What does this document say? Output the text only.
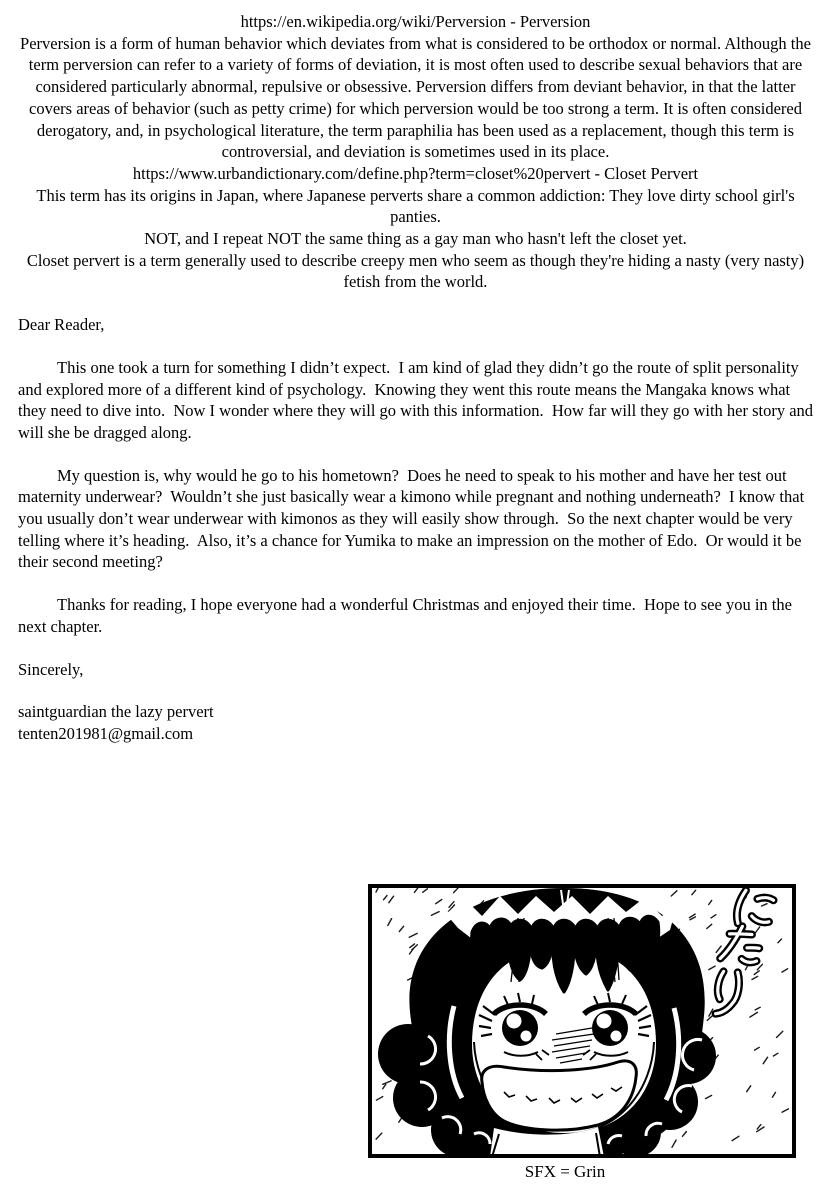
https://en.wikipedia.org/wiki/Perversion - Perversion
Perversion is a form of human behavior which deviates from what is considered to be orthodox or normal. Although the term perversion can refer to a variety of forms of deviation, it is most often used to describe sexual behaviors that are considered particularly abnormal, repulsive or obsessive. Perversion differs from deviant behavior, in that the latter covers areas of behavior (such as petty crime) for which perversion would be too strong a term. It is often considered derogatory, and, in psychological literature, the term paraphilia has been used as a replacement, though this term is controversial, and deviation is sometimes used in its place.
https://www.urbandictionary.com/define.php?term=closet%20pervert - Closet Pervert
This term has its origins in Japan, where Japanese perverts share a common addiction: They love dirty school girl's panties.
NOT, and I repeat NOT the same thing as a gay man who hasn't left the closet yet.
Closet pervert is a term generally used to describe creepy men who seem as though they're hiding a nasty (very nasty) fetish from the world.
Dear Reader,

This one took a turn for something I didn’t expect.  I am kind of glad they didn’t go the route of split personality and explored more of a different kind of psychology.  Knowing they went this route means the Mangaka knows what they need to dive into.  Now I wonder where they will go with this information.  How far will they go with her story and will she be dragged along.

My question is, why would he go to his hometown?  Does he need to speak to his mother and have her test out maternity underwear?  Wouldn’t she just basically wear a kimono while pregnant and nothing underneath?  I know that you usually don’t wear underwear with kimonos as they will easily show through.  So the next chapter would be very telling where it’s heading.  Also, it’s a chance for Yumika to make an impression on the mother of Edo.  Or would it be their second meeting?

Thanks for reading, I hope everyone had a wonderful Christmas and enjoyed their time.  Hope to see you in the next chapter.

Sincerely,
saintguardian the lazy pervert
tenten201981@gmail.com
SFX = Grin
